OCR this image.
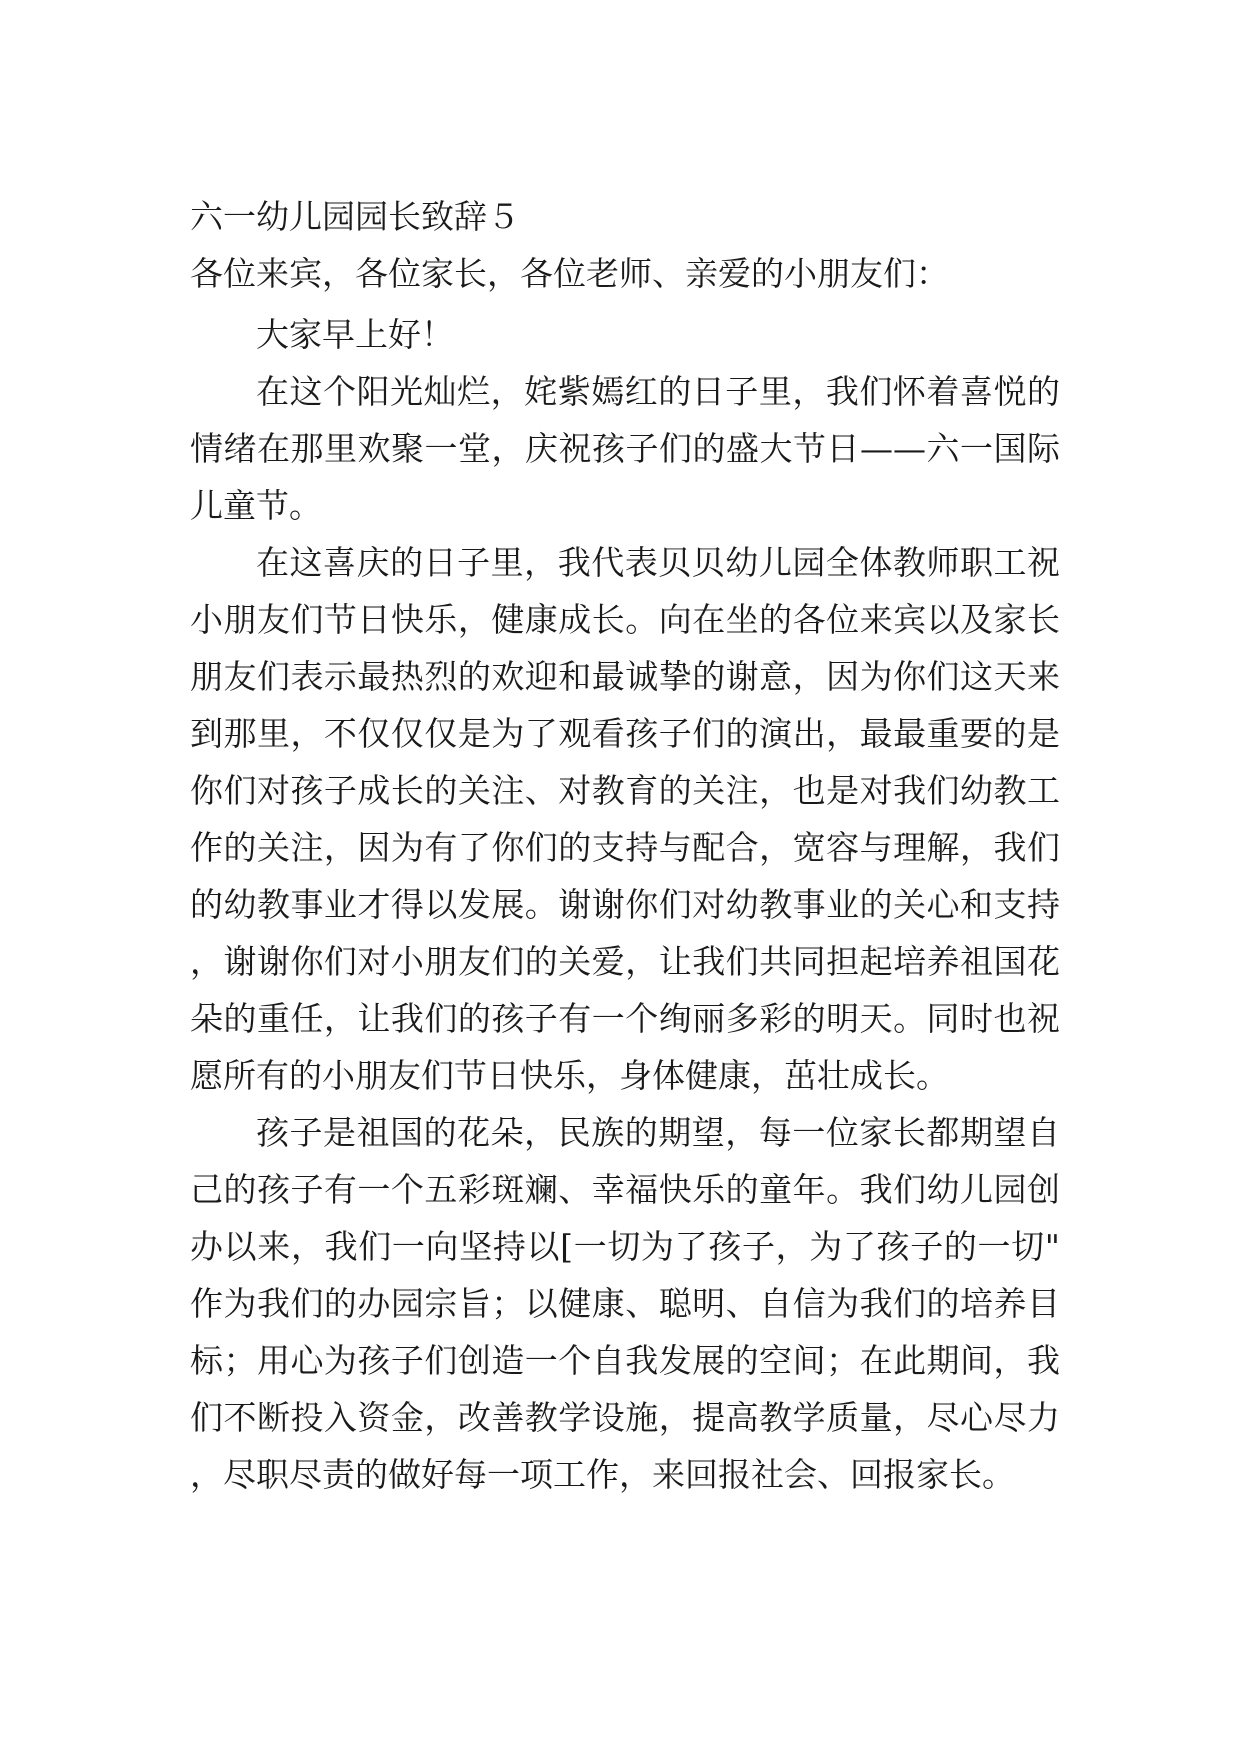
六一幼儿园园长致辞５

各位来宾，各位家长，各位老师、亲爱的小朋友们：

大家早上好！

在这个阳光灿烂，姹紫嫣红的日子里，我们怀着喜悦的情绪在那里欢聚一堂，庆祝孩子们的盛大节日——六一国际儿童节。

在这喜庆的日子里，我代表贝贝幼儿园全体教师职工祝小朋友们节日快乐，健康成长。向在坐的各位来宾以及家长朋友们表示最热烈的欢迎和最诚挚的谢意，因为你们这天来到那里，不仅仅仅是为了观看孩子们的演出，最最重要的是你们对孩子成长的关注、对教育的关注，也是对我们幼教工作的关注，因为有了你们的支持与配合，宽容与理解，我们的幼教事业才得以发展。谢谢你们对幼教事业的关心和支持，谢谢你们对小朋友们的关爱，让我们共同担起培养祖国花朵的重任，让我们的孩子有一个绚丽多彩的明天。同时也祝愿所有的小朋友们节日快乐，身体健康，茁壮成长。

孩子是祖国的花朵，民族的期望，每一位家长都期望自己的孩子有一个五彩斑斓、幸福快乐的童年。我们幼儿园创办以来，我们一向坚持以[一切为了孩子，为了孩子的一切"作为我们的办园宗旨；以健康、聪明、自信为我们的培养目标；用心为孩子们创造一个自我发展的空间；在此期间，我们不断投入资金，改善教学设施，提高教学质量，尽心尽力，尽职尽责的做好每一项工作，来回报社会、回报家长。
